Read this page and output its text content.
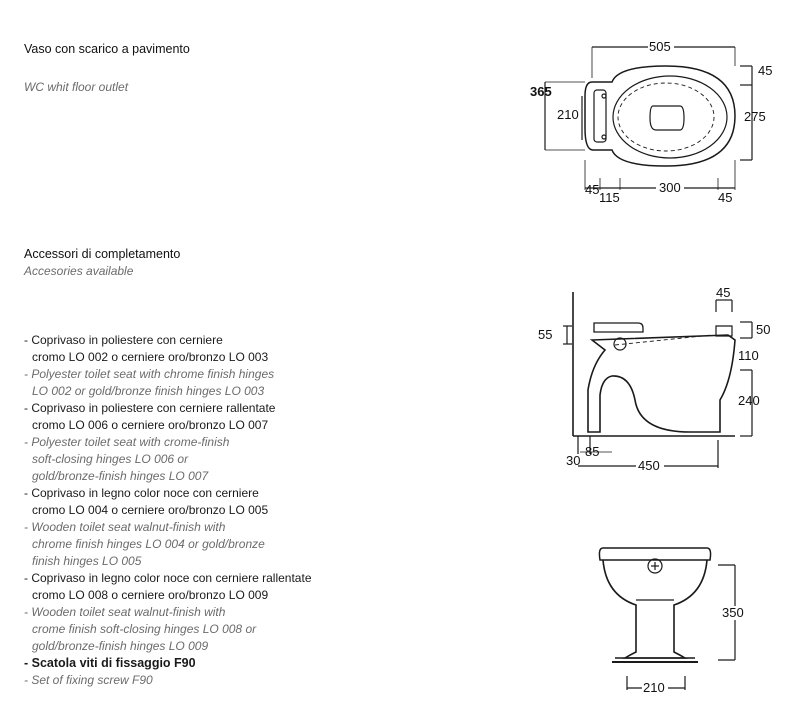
Vaso con scarico a pavimento
WC whit floor outlet
Accessori di completamento
Accesories available
- Coprivaso in poliestere con cerniere
cromo LO 002 o cerniere oro/bronzo LO 003
- Polyester toilet seat with chrome finish hinges
LO 002 or gold/bronze finish hinges LO 003
- Coprivaso in poliestere con cerniere rallentate
cromo LO 006 o cerniere oro/bronzo LO 007
- Polyester toilet seat with crome-finish
soft-closing hinges LO 006 or
gold/bronze-finish hinges LO 007
- Coprivaso in legno color noce con cerniere
cromo LO 004 o cerniere oro/bronzo LO 005
- Wooden toilet seat walnut-finish with
chrome finish hinges LO 004 or gold/bronze
finish hinges LO 005
- Coprivaso in legno color noce con cerniere rallentate
cromo LO 008 o cerniere oro/bronzo LO 009
- Wooden toilet seat walnut-finish with
crome finish soft-closing hinges LO 008 or
gold/bronze-finish hinges LO 009
- Scatola viti di fissaggio F90
- Set of fixing screw F90
505
45
365
210	275
45
115
300
45
45
55	50
110
240
30
85
450
350
210
